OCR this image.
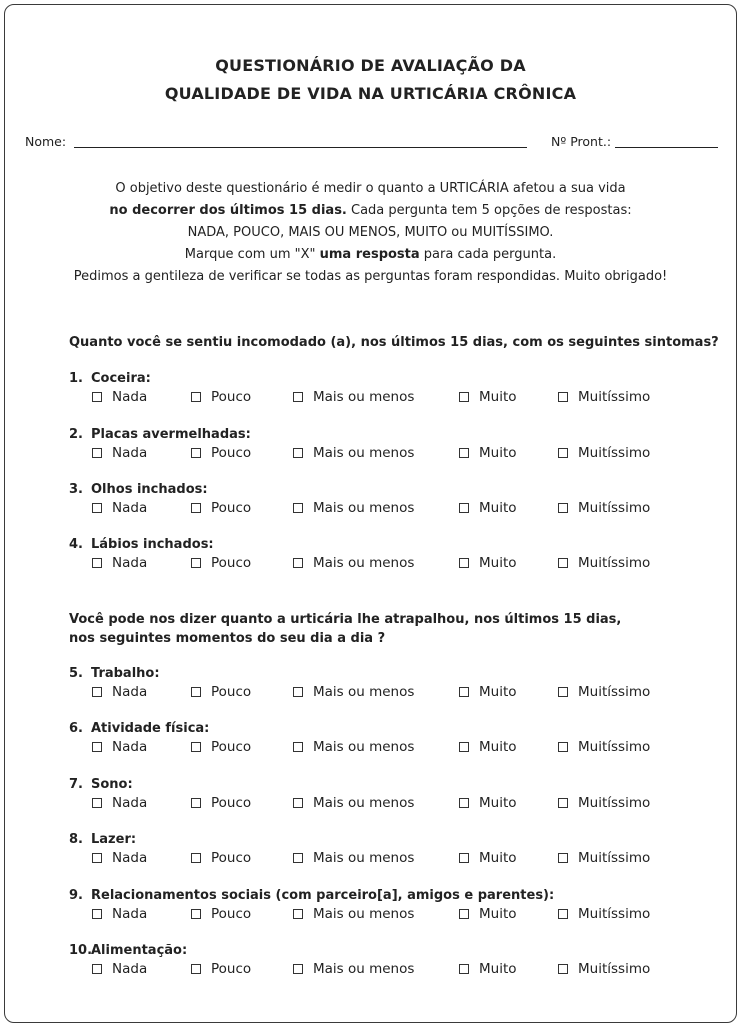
QUESTIONÁRIO DE AVALIAÇÃO DA
QUALIDADE DE VIDA NA URTICÁRIA CRÔNICA
Nome:	Nº Pront.:
O objetivo deste questionário é medir o quanto a URTICÁRIA afetou a sua vida
no decorrer dos últimos 15 dias. Cada pergunta tem 5 opções de respostas:
NADA, POUCO, MAIS OU MENOS, MUITO ou MUITÍSSIMO.
Marque com um "X" uma resposta para cada pergunta.
Pedimos a gentileza de verificar se todas as perguntas foram respondidas. Muito obrigado!
Quanto você se sentiu incomodado (a), nos últimos 15 dias, com os seguintes sintomas?
Você pode nos dizer quanto a urticária lhe atrapalhou, nos últimos 15 dias,
nos seguintes momentos do seu dia a dia ?
1. Coceira:
Nada	Pouco	Mais ou menos	Muito	Muitíssimo
2. Placas avermelhadas:
Nada	Pouco	Mais ou menos	Muito	Muitíssimo
3. Olhos inchados:
Nada	Pouco	Mais ou menos	Muito	Muitíssimo
4. Lábios inchados:
Nada	Pouco	Mais ou menos	Muito	Muitíssimo
5. Trabalho:
Nada	Pouco	Mais ou menos	Muito	Muitíssimo
6. Atividade física:
Nada	Pouco	Mais ou menos	Muito	Muitíssimo
7. Sono:
Nada	Pouco	Mais ou menos	Muito	Muitíssimo
8. Lazer:
Nada	Pouco	Mais ou menos	Muito	Muitíssimo
9. Relacionamentos sociais (com parceiro[a], amigos e parentes):
Nada	Pouco	Mais ou menos	Muito	Muitíssimo
10.
Alimentação:
Nada	Pouco	Mais ou menos	Muito	Muitíssimo
